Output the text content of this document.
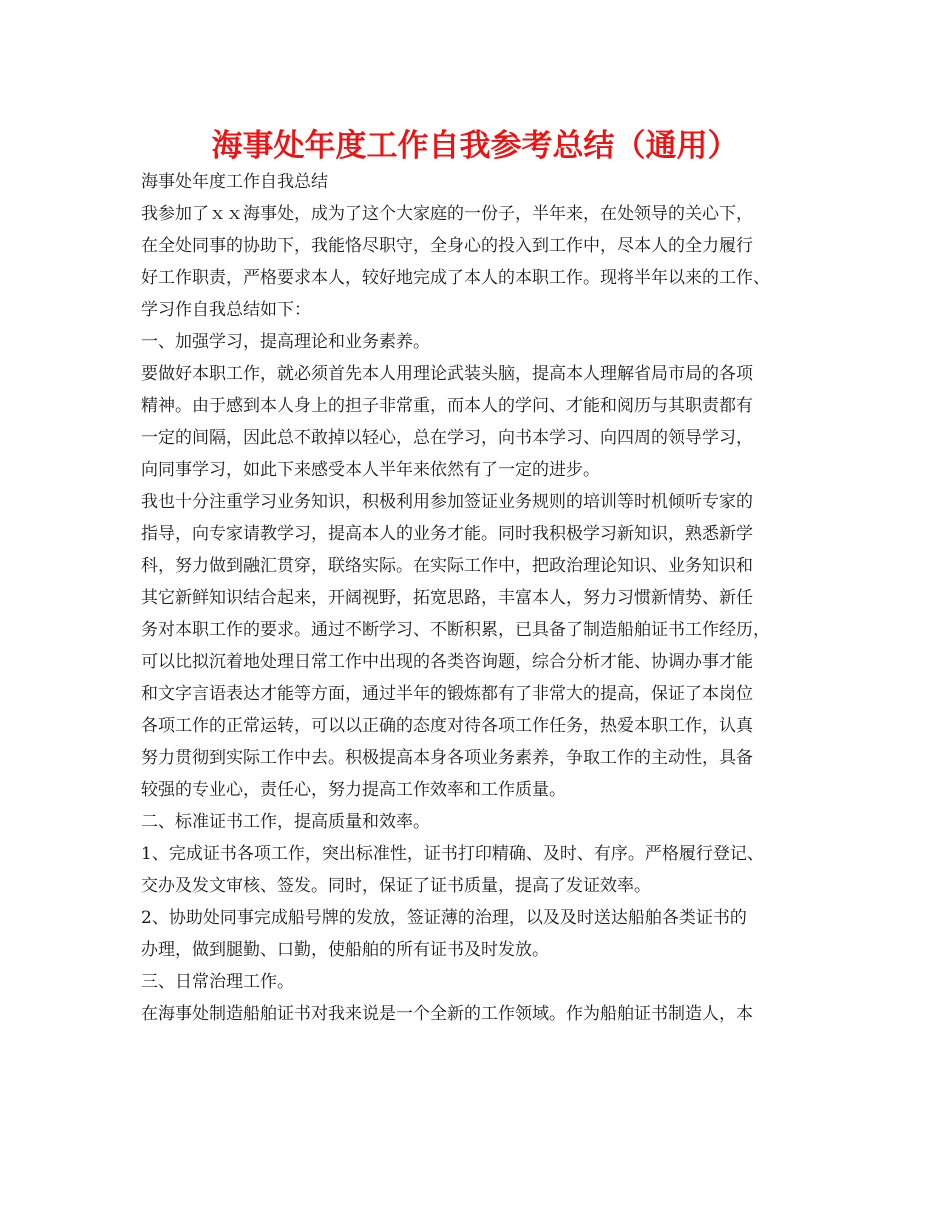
海事处年度工作自我参考总结（通用）
海事处年度工作自我总结
我参加了ｘｘ海事处，成为了这个大家庭的一份子，半年来，在处领导的关心下，
在全处同事的协助下，我能恪尽职守，全身心的投入到工作中，尽本人的全力履行
好工作职责，严格要求本人，较好地完成了本人的本职工作。现将半年以来的工作、
学习作自我总结如下：
一、加强学习，提高理论和业务素养。
要做好本职工作，就必须首先本人用理论武装头脑，提高本人理解省局市局的各项
精神。由于感到本人身上的担子非常重，而本人的学问、才能和阅历与其职责都有
一定的间隔，因此总不敢掉以轻心，总在学习，向书本学习、向四周的领导学习，
向同事学习，如此下来感受本人半年来依然有了一定的进步。
我也十分注重学习业务知识，积极利用参加签证业务规则的培训等时机倾听专家的
指导，向专家请教学习，提高本人的业务才能。同时我积极学习新知识，熟悉新学
科，努力做到融汇贯穿，联络实际。在实际工作中，把政治理论知识、业务知识和
其它新鲜知识结合起来，开阔视野，拓宽思路，丰富本人，努力习惯新情势、新任
务对本职工作的要求。通过不断学习、不断积累，已具备了制造船舶证书工作经历，
可以比拟沉着地处理日常工作中出现的各类咨询题，综合分析才能、协调办事才能
和文字言语表达才能等方面，通过半年的锻炼都有了非常大的提高，保证了本岗位
各项工作的正常运转，可以以正确的态度对待各项工作任务，热爱本职工作，认真
努力贯彻到实际工作中去。积极提高本身各项业务素养，争取工作的主动性，具备
较强的专业心，责任心，努力提高工作效率和工作质量。
二、标准证书工作，提高质量和效率。
1、完成证书各项工作，突出标准性，证书打印精确、及时、有序。严格履行登记、
交办及发文审核、签发。同时，保证了证书质量，提高了发证效率。
2、协助处同事完成船号牌的发放，签证薄的治理，以及及时送达船舶各类证书的
办理，做到腿勤、口勤，使船舶的所有证书及时发放。
三、日常治理工作。
在海事处制造船舶证书对我来说是一个全新的工作领域。作为船舶证书制造人，本
